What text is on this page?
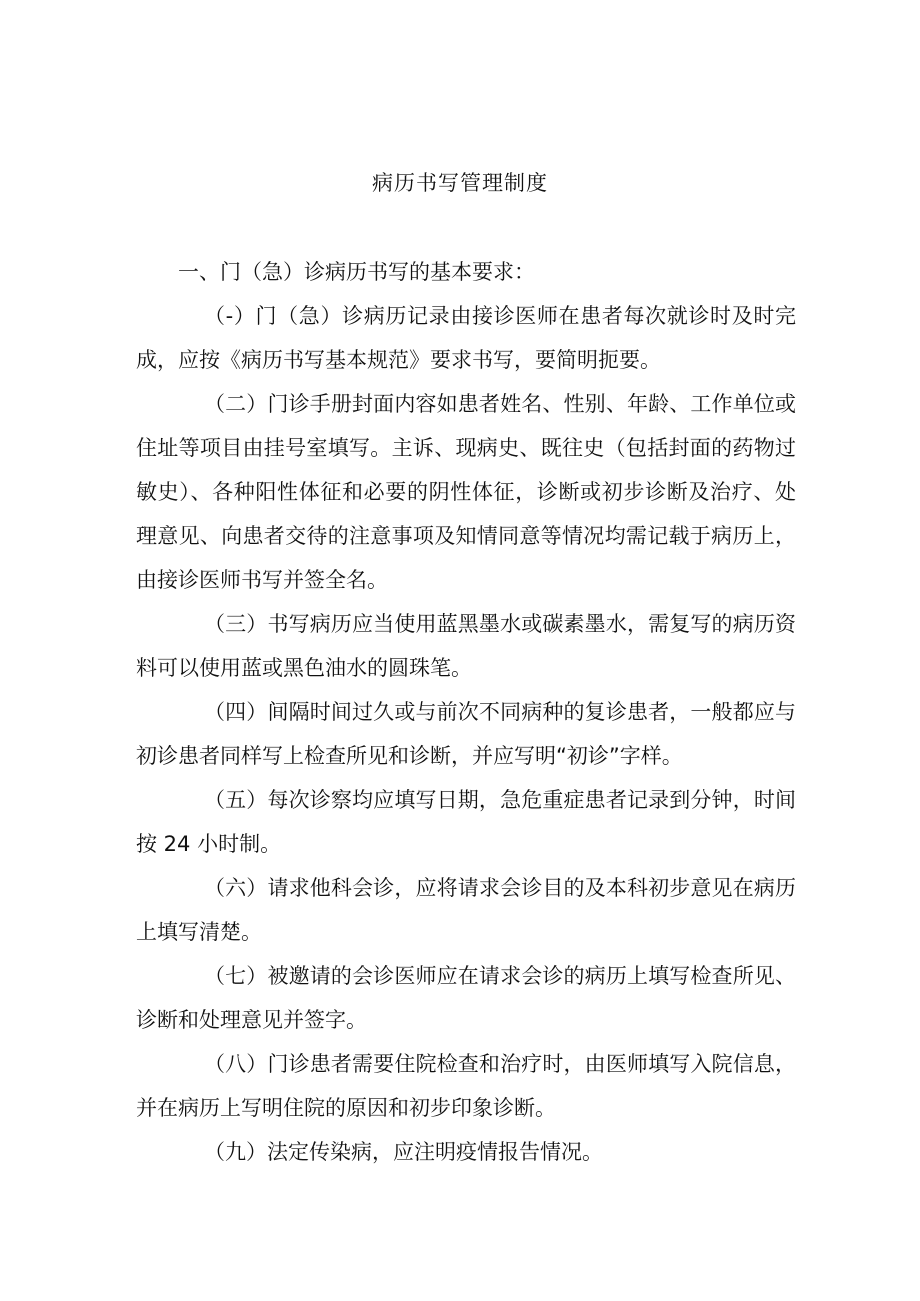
病历书写管理制度

一、门（急）诊病历书写的基本要求：

（-）门（急）诊病历记录由接诊医师在患者每次就诊时及时完成，应按《病历书写基本规范》要求书写，要简明扼要。

（二）门诊手册封面内容如患者姓名、性别、年龄、工作单位或住址等项目由挂号室填写。主诉、现病史、既往史（包括封面的药物过敏史）、各种阳性体征和必要的阴性体征，诊断或初步诊断及治疗、处理意见、向患者交待的注意事项及知情同意等情况均需记载于病历上，由接诊医师书写并签全名。

（三）书写病历应当使用蓝黑墨水或碳素墨水，需复写的病历资料可以使用蓝或黑色油水的圆珠笔。

（四）间隔时间过久或与前次不同病种的复诊患者，一般都应与初诊患者同样写上检查所见和诊断，并应写明“初诊”字样。

（五）每次诊察均应填写日期，急危重症患者记录到分钟，时间按 24 小时制。

（六）请求他科会诊，应将请求会诊目的及本科初步意见在病历上填写清楚。

（七）被邀请的会诊医师应在请求会诊的病历上填写检查所见、诊断和处理意见并签字。

（八）门诊患者需要住院检查和治疗时，由医师填写入院信息，并在病历上写明住院的原因和初步印象诊断。

（九）法定传染病，应注明疫情报告情况。
